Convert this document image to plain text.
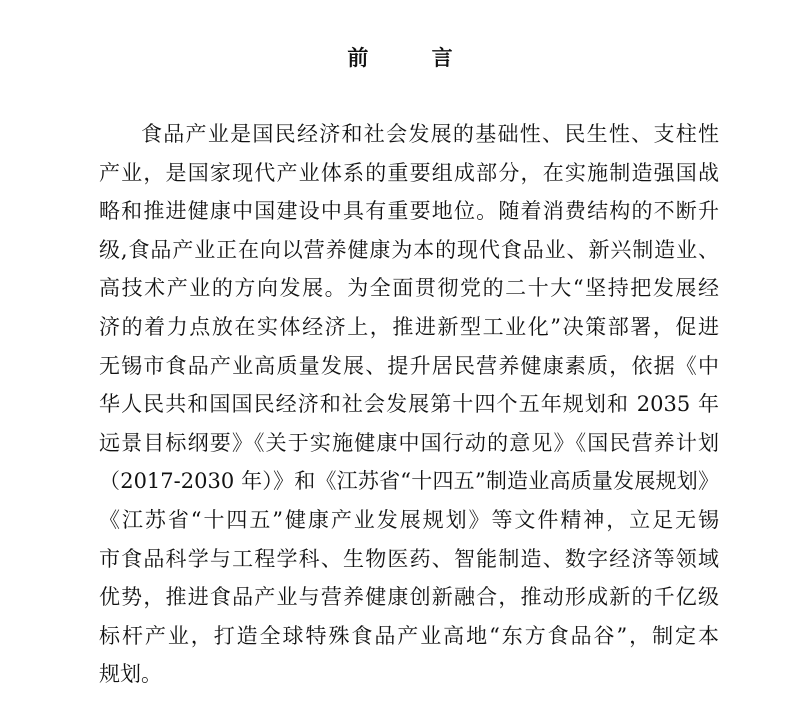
前 言
食品产业是国民经济和社会发展的基础性、民生性、支柱性
产业，是国家现代产业体系的重要组成部分，在实施制造强国战
略和推进健康中国建设中具有重要地位。随着消费结构的不断升
级,食品产业正在向以营养健康为本的现代食品业、新兴制造业、
高技术产业的方向发展。为全面贯彻党的二十大“坚持把发展经
济的着力点放在实体经济上，推进新型工业化”决策部署，促进
无锡市食品产业高质量发展、提升居民营养健康素质，依据《中
华人民共和国国民经济和社会发展第十四个五年规划和 2035 年
远景目标纲要》《关于实施健康中国行动的意见》《国民营养计划
（2017-2030 年）》和《江苏省“十四五”制造业高质量发展规划》
《江苏省“十四五”健康产业发展规划》等文件精神，立足无锡
市食品科学与工程学科、生物医药、智能制造、数字经济等领域
优势，推进食品产业与营养健康创新融合，推动形成新的千亿级
标杆产业，打造全球特殊食品产业高地“东方食品谷”，制定本
规划。
